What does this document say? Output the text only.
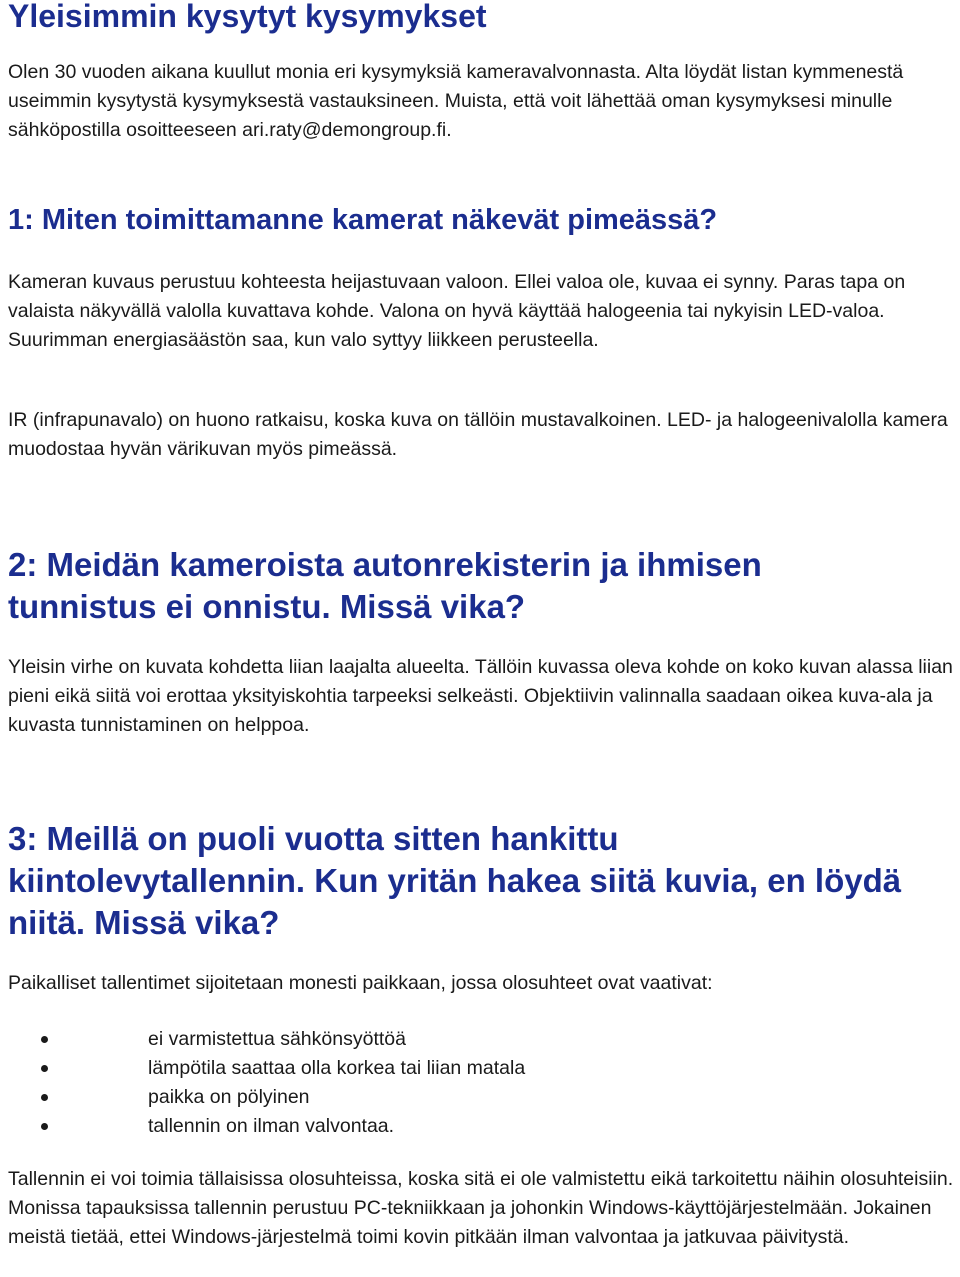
Yleisimmin kysytyt kysymykset

Olen 30 vuoden aikana kuullut monia eri kysymyksiä kameravalvonnasta. Alta löydät listan kymmenestä useimmin kysytystä kysymyksestä vastauksineen. Muista, että voit lähettää oman kysymyksesi minulle sähköpostilla osoitteeseen ari.raty@demongroup.fi.

1: Miten toimittamanne kamerat näkevät pimeässä?

Kameran kuvaus perustuu kohteesta heijastuvaan valoon. Ellei valoa ole, kuvaa ei synny. Paras tapa on valaista näkyvällä valolla kuvattava kohde. Valona on hyvä käyttää halogeenia tai nykyisin LED-valoa. Suurimman energiasäästön saa, kun valo syttyy liikkeen perusteella.

IR (infrapunavalo) on huono ratkaisu, koska kuva on tällöin mustavalkoinen. LED- ja halogeenivalolla kamera muodostaa hyvän värikuvan myös pimeässä.

2: Meidän kameroista autonrekisterin ja ihmisen tunnistus ei onnistu. Missä vika?

Yleisin virhe on kuvata kohdetta liian laajalta alueelta. Tällöin kuvassa oleva kohde on koko kuvan alassa liian pieni eikä siitä voi erottaa yksityiskohtia tarpeeksi selkeästi. Objektiivin valinnalla saadaan oikea kuva-ala ja kuvasta tunnistaminen on helppoa.

3: Meillä on puoli vuotta sitten hankittu kiintolevytallennin. Kun yritän hakea siitä kuvia, en löydä niitä. Missä vika?

Paikalliset tallentimet sijoitetaan monesti paikkaan, jossa olosuhteet ovat vaativat:

ei varmistettua sähkönsyöttöä
lämpötila saattaa olla korkea tai liian matala
paikka on pölyinen
tallennin on ilman valvontaa.

Tallennin ei voi toimia tällaisissa olosuhteissa, koska sitä ei ole valmistettu eikä tarkoitettu näihin olosuhteisiin. Monissa tapauksissa tallennin perustuu PC-tekniikkaan ja johonkin Windows-käyttöjärjestelmään. Jokainen meistä tietää, ettei Windows-järjestelmä toimi kovin pitkään ilman valvontaa ja jatkuvaa päivitystä.
